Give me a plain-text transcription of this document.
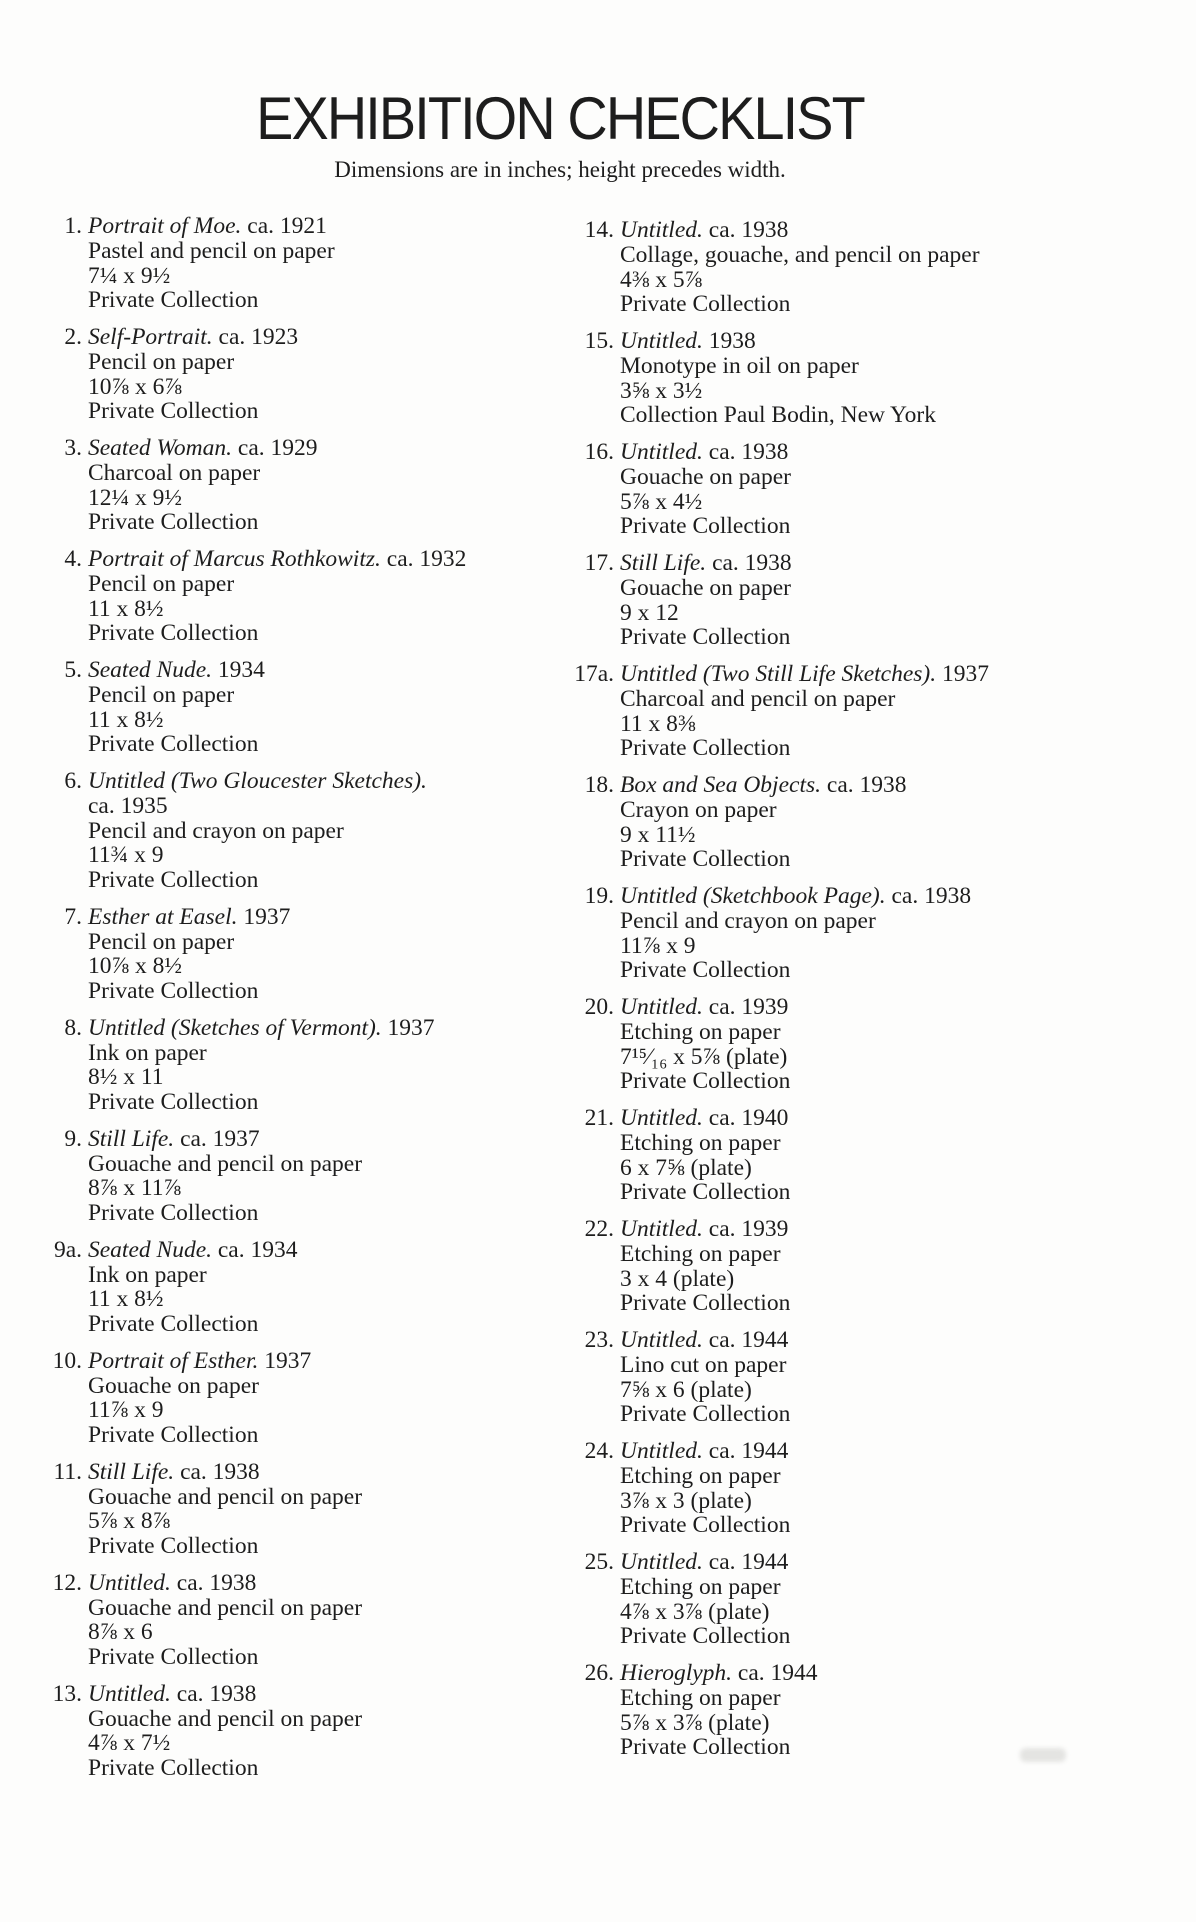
EXHIBITION CHECKLIST
Dimensions are in inches; height precedes width.
1. Portrait of Moe. ca. 1921
Pastel and pencil on paper
7¼ x 9½
Private Collection
2. Self-Portrait. ca. 1923
Pencil on paper
10⅞ x 6⅞
Private Collection
3. Seated Woman. ca. 1929
Charcoal on paper
12¼ x 9½
Private Collection
4. Portrait of Marcus Rothkowitz. ca. 1932
Pencil on paper
11 x 8½
Private Collection
5. Seated Nude. 1934
Pencil on paper
11 x 8½
Private Collection
6. Untitled (Two Gloucester Sketches).
ca. 1935
Pencil and crayon on paper
11¾ x 9
Private Collection
7. Esther at Easel. 1937
Pencil on paper
10⅞ x 8½
Private Collection
8. Untitled (Sketches of Vermont). 1937
Ink on paper
8½ x 11
Private Collection
9. Still Life. ca. 1937
Gouache and pencil on paper
8⅞ x 11⅞
Private Collection
9a. Seated Nude. ca. 1934
Ink on paper
11 x 8½
Private Collection
10. Portrait of Esther. 1937
Gouache on paper
11⅞ x 9
Private Collection
11. Still Life. ca. 1938
Gouache and pencil on paper
5⅞ x 8⅞
Private Collection
12. Untitled. ca. 1938
Gouache and pencil on paper
8⅞ x 6
Private Collection
13. Untitled. ca. 1938
Gouache and pencil on paper
4⅞ x 7½
Private Collection
14. Untitled. ca. 1938
Collage, gouache, and pencil on paper
4⅜ x 5⅞
Private Collection
15. Untitled. 1938
Monotype in oil on paper
3⅝ x 3½
Collection Paul Bodin, New York
16. Untitled. ca. 1938
Gouache on paper
5⅞ x 4½
Private Collection
17. Still Life. ca. 1938
Gouache on paper
9 x 12
Private Collection
17a. Untitled (Two Still Life Sketches). 1937
Charcoal and pencil on paper
11 x 8⅜
Private Collection
18. Box and Sea Objects. ca. 1938
Crayon on paper
9 x 11½
Private Collection
19. Untitled (Sketchbook Page). ca. 1938
Pencil and crayon on paper
11⅞ x 9
Private Collection
20. Untitled. ca. 1939
Etching on paper
7¹⁵⁄₁₆ x 5⅞ (plate)
Private Collection
21. Untitled. ca. 1940
Etching on paper
6 x 7⅝ (plate)
Private Collection
22. Untitled. ca. 1939
Etching on paper
3 x 4 (plate)
Private Collection
23. Untitled. ca. 1944
Lino cut on paper
7⅝ x 6 (plate)
Private Collection
24. Untitled. ca. 1944
Etching on paper
3⅞ x 3 (plate)
Private Collection
25. Untitled. ca. 1944
Etching on paper
4⅞ x 3⅞ (plate)
Private Collection
26. Hieroglyph. ca. 1944
Etching on paper
5⅞ x 3⅞ (plate)
Private Collection
